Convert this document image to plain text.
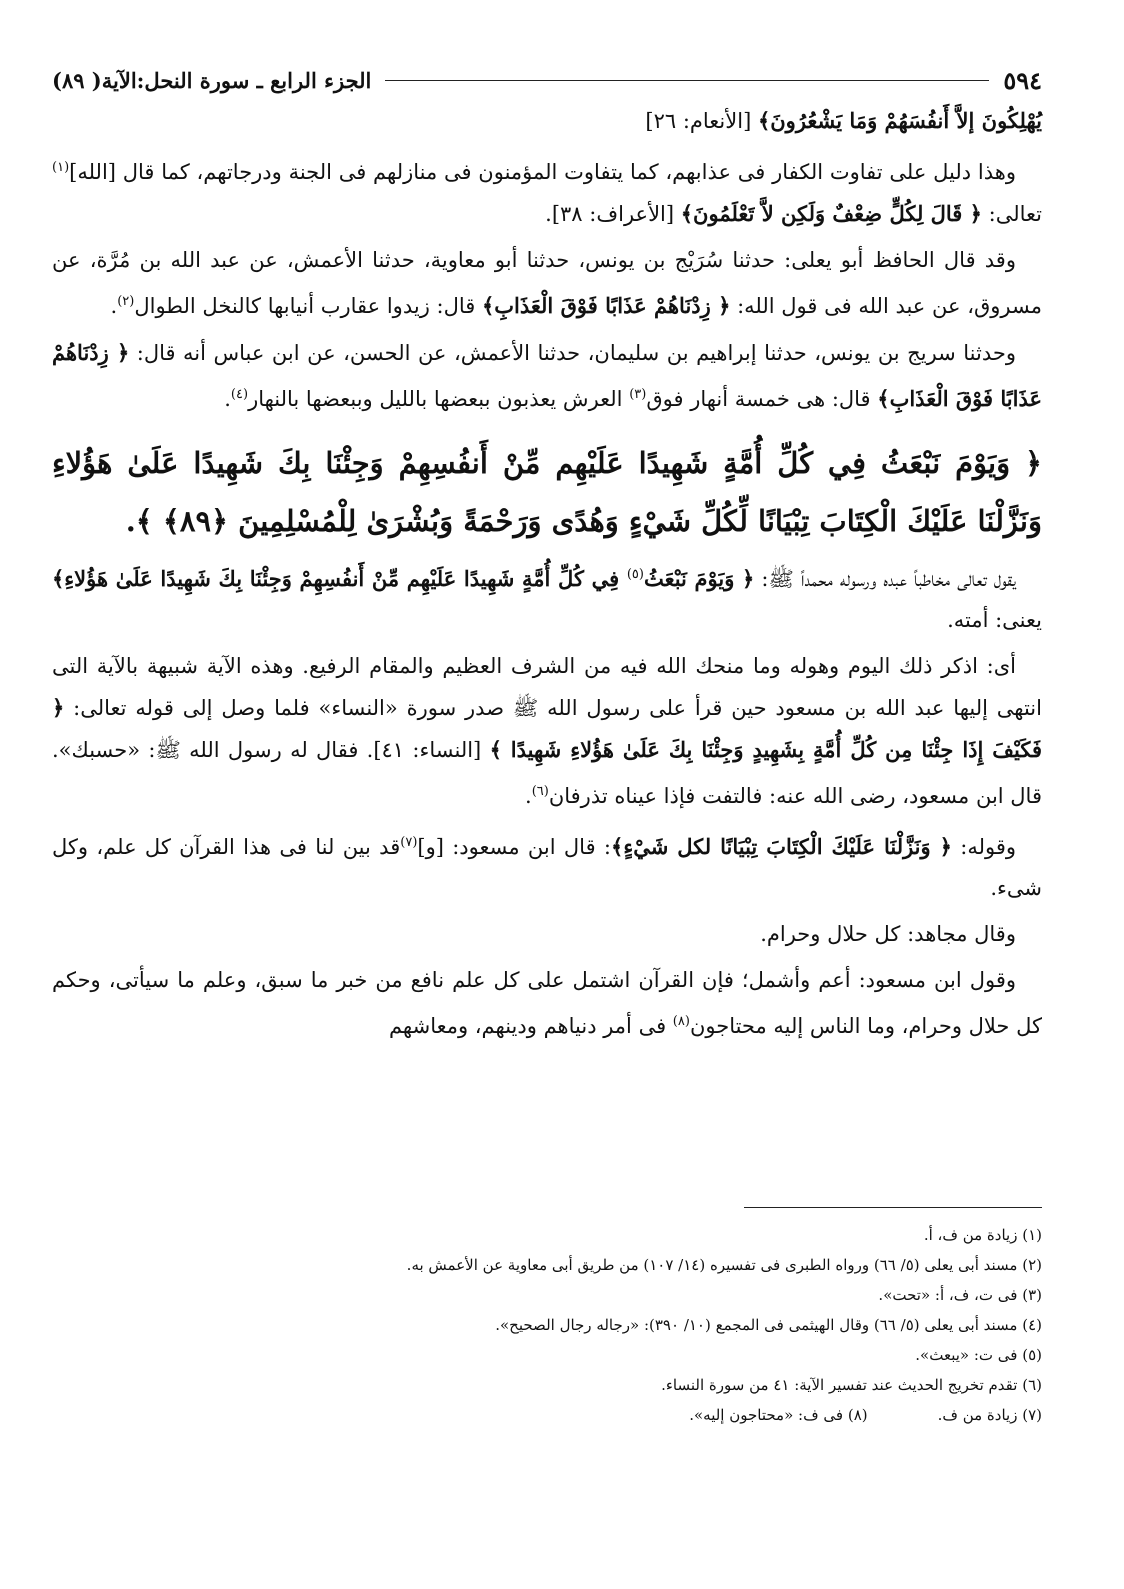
٥٩٤
الجزء الرابع ـ سورة النحل:الآية( ٨٩)

يُهْلِكُونَ إلاَّ أَنفُسَهُمْ وَمَا يَشْعُرُونَ﴾ [الأنعام: ٢٦]

وهذا دليل على تفاوت الكفار فى عذابهم، كما يتفاوت المؤمنون فى منازلهم فى الجنة ودرجاتهم، كما قال [الله]$^{(١)}$ تعالى: ﴿ قَالَ لِكُلٍّ ضِعْفٌ وَلَكِن لاَّ تَعْلَمُونَ﴾ [الأعراف: ٣٨].

وقد قال الحافظ أبو يعلى: حدثنا سُرَيْج بن يونس، حدثنا أبو معاوية، حدثنا الأعمش، عن عبد الله بن مُرَّة، عن مسروق، عن عبد الله فى قول الله: ﴿ زِدْنَاهُمْ عَذَابًا فَوْقَ الْعَذَابِ﴾ قال: زيدوا عقارب أنيابها كالنخل الطوال$^{(٢)}$.

وحدثنا سريج بن يونس، حدثنا إبراهيم بن سليمان، حدثنا الأعمش، عن الحسن، عن ابن عباس أنه قال: ﴿ زِدْنَاهُمْ عَذَابًا فَوْقَ الْعَذَابِ﴾ قال: هى خمسة أنهار فوق$^{(٣)}$ العرش يعذبون ببعضها بالليل وببعضها بالنهار$^{(٤)}$.

﴿ وَيَوْمَ نَبْعَثُ فِي كُلِّ أُمَّةٍ شَهِيدًا عَلَيْهِم مِّنْ أَنفُسِهِمْ وَجِئْنَا بِكَ شَهِيدًا عَلَىٰ هَؤُلاءِ وَنَزَّلْنَا عَلَيْكَ الْكِتَابَ تِبْيَانًا لِّكُلِّ شَيْءٍ وَهُدًى وَرَحْمَةً وَبُشْرَىٰ لِلْمُسْلِمِينَ ﴿٨٩﴾ ﴾.

يقول تعالى مخاطباً عبده ورسوله محمداً ﷺ: ﴿ وَيَوْمَ نَبْعَثُ$^{(٥)}$ فِي كُلِّ أُمَّةٍ شَهِيدًا عَلَيْهِم مِّنْ أَنفُسِهِمْ وَجِئْنَا بِكَ شَهِيدًا عَلَىٰ هَؤُلاءِ﴾ يعنى: أمته.

أى: اذكر ذلك اليوم وهوله وما منحك الله فيه من الشرف العظيم والمقام الرفيع. وهذه الآية شبيهة بالآية التى انتهى إليها عبد الله بن مسعود حين قرأ على رسول الله ﷺ صدر سورة «النساء» فلما وصل إلى قوله تعالى: ﴿ فَكَيْفَ إِذَا جِئْنَا مِن كُلِّ أُمَّةٍ بِشَهِيدٍ وَجِئْنَا بِكَ عَلَىٰ هَؤُلاءِ شَهِيدًا ﴾ [النساء: ٤١]. فقال له رسول الله ﷺ: «حسبك». قال ابن مسعود، رضى الله عنه: فالتفت فإذا عيناه تذرفان$^{(٦)}$.

وقوله: ﴿ وَنَزَّلْنَا عَلَيْكَ الْكِتَابَ تِبْيَانًا لكل شَيْءٍ﴾: قال ابن مسعود: [و]$^{(٧)}$قد بين لنا فى هذا القرآن كل علم، وكل شىء.

وقال مجاهد: كل حلال وحرام.

وقول ابن مسعود: أعم وأشمل؛ فإن القرآن اشتمل على كل علم نافع من خبر ما سبق، وعلم ما سيأتى، وحكم كل حلال وحرام، وما الناس إليه محتاجون$^{(٨)}$ فى أمر دنياهم ودينهم، ومعاشهم

(١) زيادة من ف، أ.
(٢) مسند أبى يعلى (٥/ ٦٦) ورواه الطبرى فى تفسيره (١٤/ ١٠٧) من طريق أبى معاوية عن الأعمش به.
(٣) فى ت، ف، أ: «تحت».
(٤) مسند أبى يعلى (٥/ ٦٦) وقال الهيثمى فى المجمع (١٠/ ٣٩٠): «رجاله رجال الصحيح».
(٥) فى ت: «يبعث».
(٦) تقدم تخريج الحديث عند تفسير الآية: ٤١ من سورة النساء.
(٧) زيادة من ف.
(٨) فى ف: «محتاجون إليه».
